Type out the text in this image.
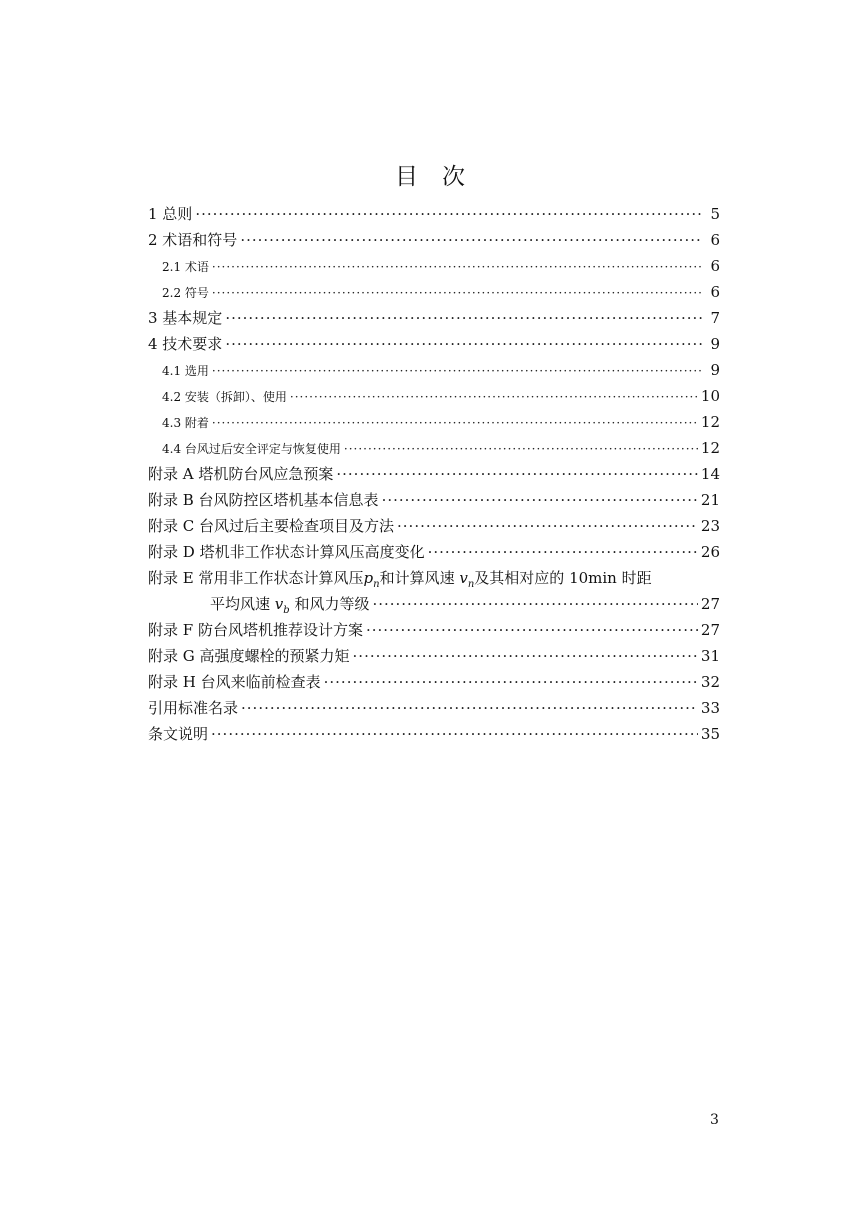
目次
1 总则 ·····	5
2 术语和符号 ·····	6
2.1 术语 ·····	6
2.2 符号 ·····	6
3 基本规定 ·····	7
4 技术要求 ·····	9
4.1 选用 ·····	9
4.2 安装（拆卸）、使用 ·····	10
4.3 附着 ·····	12
4.4 台风过后安全评定与恢复使用 ·····	12
附录 A 塔机防台风应急预案 ·····	14
附录 B 台风防控区塔机基本信息表 ·····	21
附录 C 台风过后主要检查项目及方法 ·····	23
附录 D 塔机非工作状态计算风压高度变化 ·····	26
附录 E 常用非工作状态计算风压$p_n$和计算风速 $v_n$及其相对应的 10min 时距
平均风速 $v_b$ 和风力等级 ·····	27
附录 F 防台风塔机推荐设计方案 ·····	27
附录 G 高强度螺栓的预紧力矩 ·····	31
附录 H 台风来临前检查表 ·····	32
引用标准名录 ·····	33
条文说明 ·····	35
3
